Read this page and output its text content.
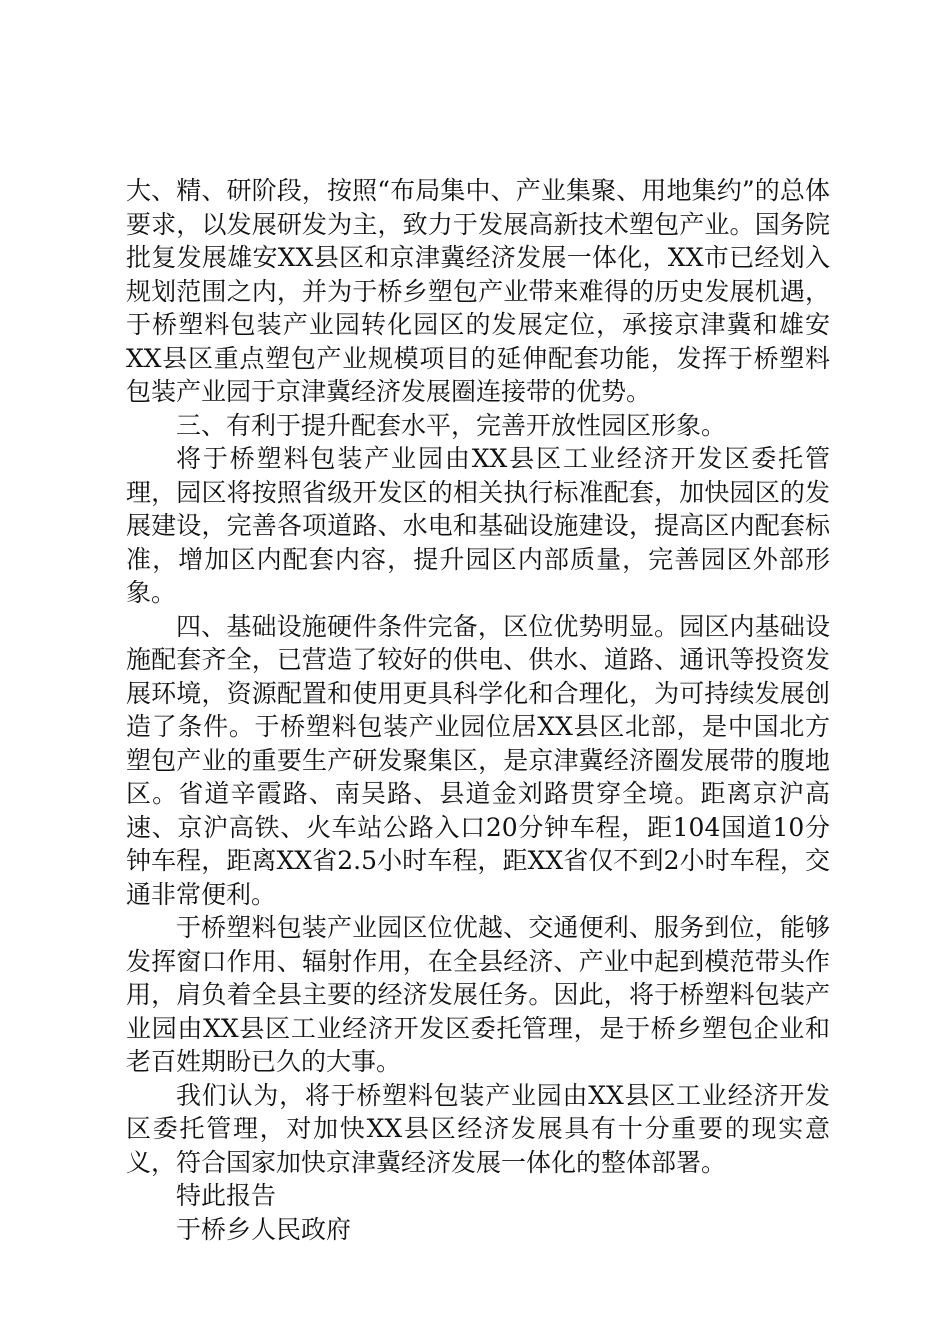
大、精、研阶段，按照“布局集中、产业集聚、用地集约”的总体要求，以发展研发为主，致力于发展高新技术塑包产业。国务院批复发展雄安XX县区和京津冀经济发展一体化，XX市已经划入规划范围之内，并为于桥乡塑包产业带来难得的历史发展机遇，于桥塑料包装产业园转化园区的发展定位，承接京津冀和雄安XX县区重点塑包产业规模项目的延伸配套功能，发挥于桥塑料包装产业园于京津冀经济发展圈连接带的优势。

三、有利于提升配套水平，完善开放性园区形象。

将于桥塑料包装产业园由XX县区工业经济开发区委托管理，园区将按照省级开发区的相关执行标准配套，加快园区的发展建设，完善各项道路、水电和基础设施建设，提高区内配套标准，增加区内配套内容，提升园区内部质量，完善园区外部形象。

四、基础设施硬件条件完备，区位优势明显。园区内基础设施配套齐全，已营造了较好的供电、供水、道路、通讯等投资发展环境，资源配置和使用更具科学化和合理化，为可持续发展创造了条件。于桥塑料包装产业园位居XX县区北部，是中国北方塑包产业的重要生产研发聚集区，是京津冀经济圈发展带的腹地区。省道辛霞路、南吴路、县道金刘路贯穿全境。距离京沪高速、京沪高铁、火车站公路入口20分钟车程，距104国道10分钟车程，距离XX省2.5小时车程，距XX省仅不到2小时车程，交通非常便利。

于桥塑料包装产业园区位优越、交通便利、服务到位，能够发挥窗口作用、辐射作用，在全县经济、产业中起到模范带头作用，肩负着全县主要的经济发展任务。因此，将于桥塑料包装产业园由XX县区工业经济开发区委托管理，是于桥乡塑包企业和老百姓期盼已久的大事。

我们认为，将于桥塑料包装产业园由XX县区工业经济开发区委托管理，对加快XX县区经济发展具有十分重要的现实意义，符合国家加快京津冀经济发展一体化的整体部署。

特此报告

于桥乡人民政府
